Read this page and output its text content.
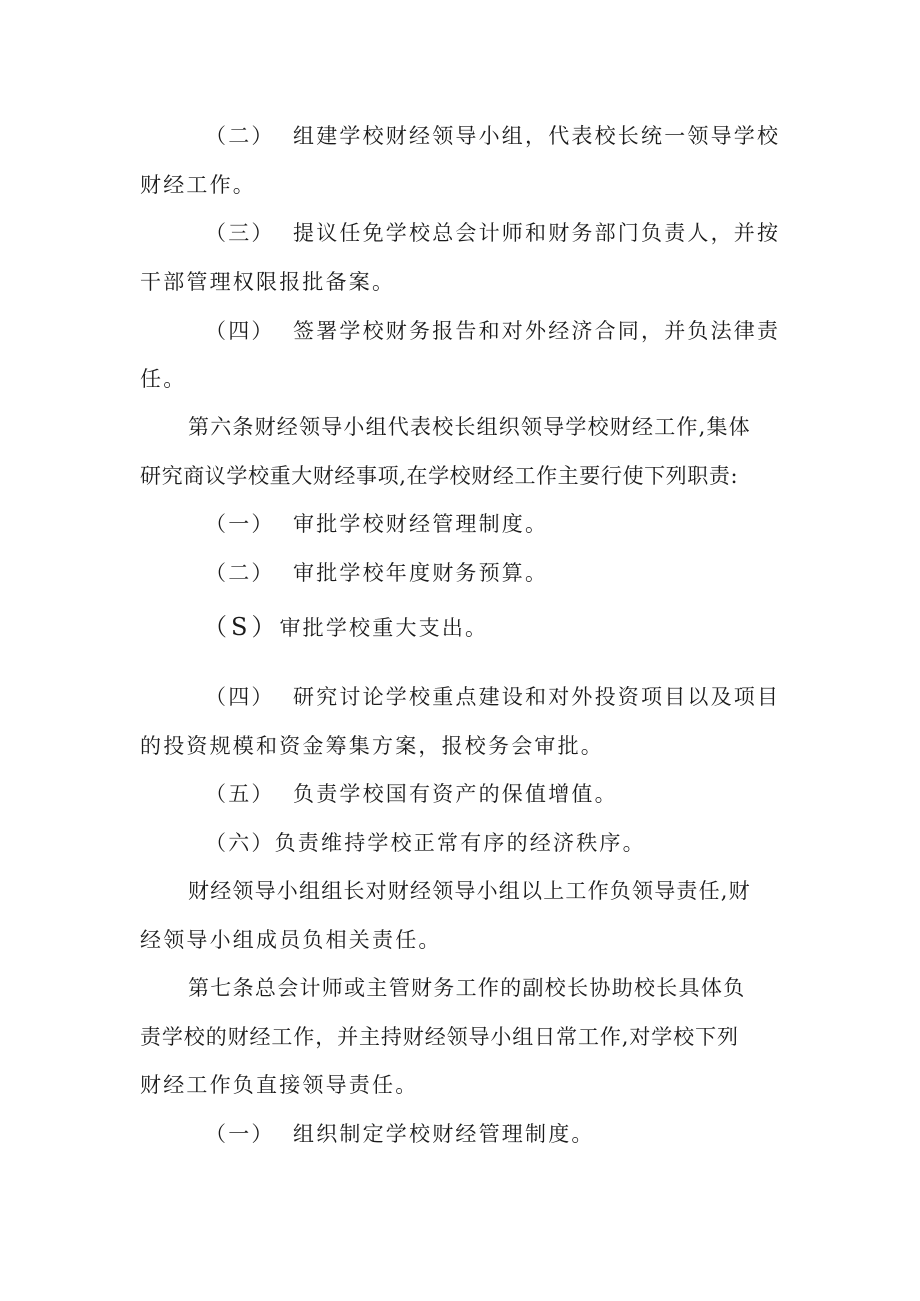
（二） 组建学校财经领导小组，代表校长统一领导学校
财经工作。
（三） 提议任免学校总会计师和财务部门负责人，并按
干部管理权限报批备案。
（四） 签署学校财务报告和对外经济合同，并负法律责
任。
第六条财经领导小组代表校长组织领导学校财经工作,集体
研究商议学校重大财经事项,在学校财经工作主要行使下列职责:
（一） 审批学校财经管理制度。
（二） 审批学校年度财务预算。
（S）审批学校重大支出。
（四） 研究讨论学校重点建设和对外投资项目以及项目
的投资规模和资金筹集方案，报校务会审批。
（五） 负责学校国有资产的保值增值。
（六）负责维持学校正常有序的经济秩序。
财经领导小组组长对财经领导小组以上工作负领导责任,财
经领导小组成员负相关责任。
第七条总会计师或主管财务工作的副校长协助校长具体负
责学校的财经工作，并主持财经领导小组日常工作,对学校下列
财经工作负直接领导责任。
（一） 组织制定学校财经管理制度。
